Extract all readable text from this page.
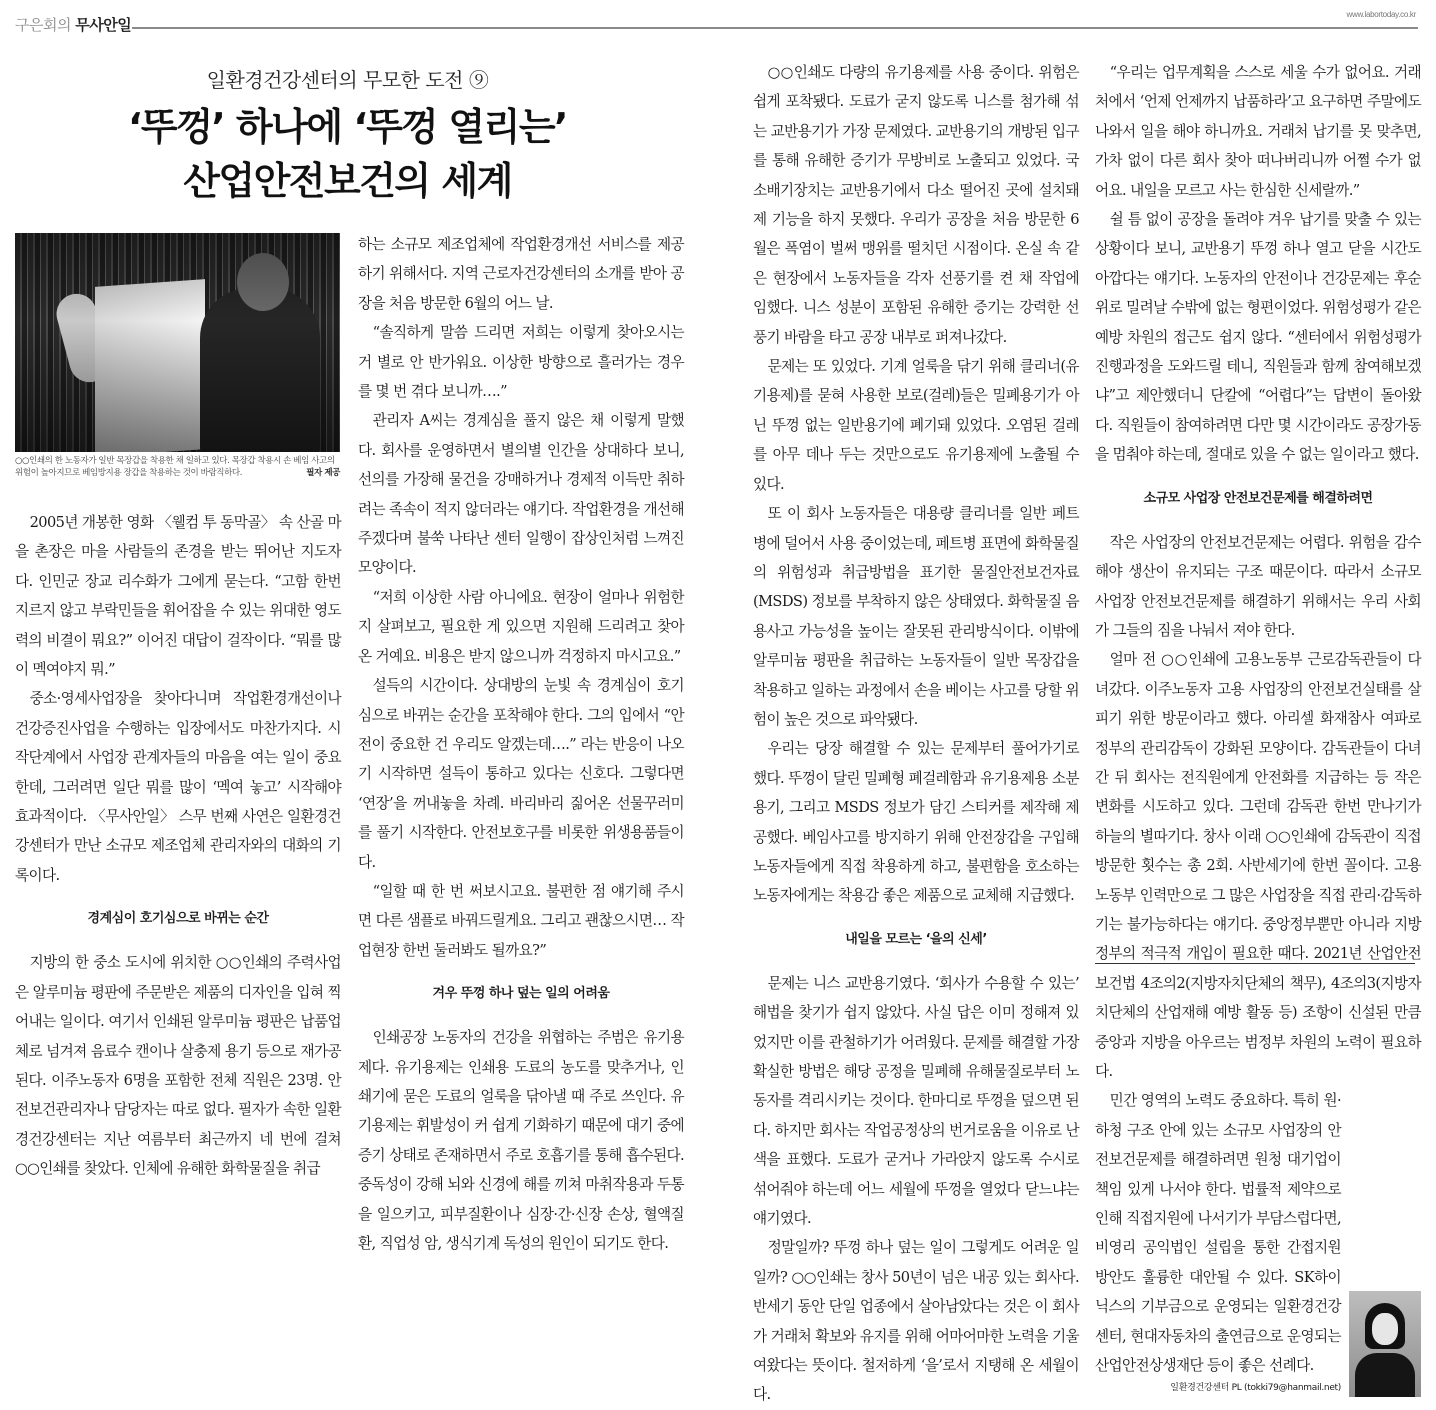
구은회의 무사안일
www.labortoday.co.kr
일환경건강센터의 무모한 도전 ⑨
‘뚜껑’ 하나에 ‘뚜껑 열리는’
산업안전보건의 세계
○○인쇄의 한 노동자가 일반 목장갑을 착용한 채 일하고 있다. 목장갑 착용시 손 베임 사고의 위험이 높아지므로 베임방지용 장갑을 착용하는 것이 바람직하다.	필자 제공

2005년 개봉한 영화 〈웰컴 투 동막골〉 속 산골 마을 촌장은 마을 사람들의 존경을 받는 뛰어난 지도자다. 인민군 장교 리수화가 그에게 묻는다. “고함 한번 지르지 않고 부락민들을 휘어잡을 수 있는 위대한 영도력의 비결이 뭐요?” 이어진 대답이 걸작이다. “뭐를 많이 멕여야지 뭐.”

중소·영세사업장을 찾아다니며 작업환경개선이나 건강증진사업을 수행하는 입장에서도 마찬가지다. 시작단계에서 사업장 관계자들의 마음을 여는 일이 중요한데, 그러려면 일단 뭐를 많이 ‘멕여 놓고’ 시작해야 효과적이다. 〈무사안일〉 스무 번째 사연은 일환경건강센터가 만난 소규모 제조업체 관리자와의 대화의 기록이다.

경계심이 호기심으로 바뀌는 순간

지방의 한 중소 도시에 위치한 ○○인쇄의 주력사업은 알루미늄 평판에 주문받은 제품의 디자인을 입혀 찍어내는 일이다. 여기서 인쇄된 알루미늄 평판은 납품업체로 넘겨져 음료수 캔이나 살충제 용기 등으로 재가공된다. 이주노동자 6명을 포함한 전체 직원은 23명. 안전보건관리자나 담당자는 따로 없다. 필자가 속한 일환경건강센터는 지난 여름부터 최근까지 네 번에 걸쳐 ○○인쇄를 찾았다. 인체에 유해한 화학물질을 취급

하는 소규모 제조업체에 작업환경개선 서비스를 제공하기 위해서다. 지역 근로자건강센터의 소개를 받아 공장을 처음 방문한 6월의 어느 날.

“솔직하게 말씀 드리면 저희는 이렇게 찾아오시는 거 별로 안 반가워요. 이상한 방향으로 흘러가는 경우를 몇 번 겪다 보니까….”

관리자 A씨는 경계심을 풀지 않은 채 이렇게 말했다. 회사를 운영하면서 별의별 인간을 상대하다 보니, 선의를 가장해 물건을 강매하거나 경제적 이득만 취하려는 족속이 적지 않더라는 얘기다. 작업환경을 개선해 주겠다며 불쑥 나타난 센터 일행이 잡상인처럼 느껴진 모양이다.

“저희 이상한 사람 아니에요. 현장이 얼마나 위험한지 살펴보고, 필요한 게 있으면 지원해 드리려고 찾아온 거예요. 비용은 받지 않으니까 걱정하지 마시고요.”

설득의 시간이다. 상대방의 눈빛 속 경계심이 호기심으로 바뀌는 순간을 포착해야 한다. 그의 입에서 “안전이 중요한 건 우리도 알겠는데….” 라는 반응이 나오기 시작하면 설득이 통하고 있다는 신호다. 그렇다면 ‘연장’을 꺼내놓을 차례. 바리바리 짊어온 선물꾸러미를 풀기 시작한다. 안전보호구를 비롯한 위생용품들이다.

“일할 때 한 번 써보시고요. 불편한 점 얘기해 주시면 다른 샘플로 바꿔드릴게요. 그리고 괜찮으시면… 작업현장 한번 둘러봐도 될까요?”

겨우 뚜껑 하나 덮는 일의 어려움

인쇄공장 노동자의 건강을 위협하는 주범은 유기용제다. 유기용제는 인쇄용 도료의 농도를 맞추거나, 인쇄기에 묻은 도료의 얼룩을 닦아낼 때 주로 쓰인다. 유기용제는 휘발성이 커 쉽게 기화하기 때문에 대기 중에 증기 상태로 존재하면서 주로 호흡기를 통해 흡수된다. 중독성이 강해 뇌와 신경에 해를 끼쳐 마취작용과 두통을 일으키고, 피부질환이나 심장·간·신장 손상, 혈액질환, 직업성 암, 생식기계 독성의 원인이 되기도 한다.

○○인쇄도 다량의 유기용제를 사용 중이다. 위험은 쉽게 포착됐다. 도료가 굳지 않도록 니스를 첨가해 섞는 교반용기가 가장 문제였다. 교반용기의 개방된 입구를 통해 유해한 증기가 무방비로 노출되고 있었다. 국소배기장치는 교반용기에서 다소 떨어진 곳에 설치돼 제 기능을 하지 못했다. 우리가 공장을 처음 방문한 6월은 폭염이 벌써 맹위를 떨치던 시점이다. 온실 속 같은 현장에서 노동자들을 각자 선풍기를 켠 채 작업에 임했다. 니스 성분이 포함된 유해한 증기는 강력한 선풍기 바람을 타고 공장 내부로 퍼져나갔다.

문제는 또 있었다. 기계 얼룩을 닦기 위해 클리너(유기용제)를 묻혀 사용한 보로(걸레)들은 밀폐용기가 아닌 뚜껑 없는 일반용기에 폐기돼 있었다. 오염된 걸레를 아무 데나 두는 것만으로도 유기용제에 노출될 수 있다.

또 이 회사 노동자들은 대용량 클리너를 일반 페트병에 덜어서 사용 중이었는데, 페트병 표면에 화학물질의 위험성과 취급방법을 표기한 물질안전보건자료(MSDS) 정보를 부착하지 않은 상태였다. 화학물질 음용사고 가능성을 높이는 잘못된 관리방식이다. 이밖에 알루미늄 평판을 취급하는 노동자들이 일반 목장갑을 착용하고 일하는 과정에서 손을 베이는 사고를 당할 위험이 높은 것으로 파악됐다.

우리는 당장 해결할 수 있는 문제부터 풀어가기로 했다. 뚜껑이 달린 밀폐형 폐걸레함과 유기용제용 소분 용기, 그리고 MSDS 정보가 담긴 스티커를 제작해 제공했다. 베임사고를 방지하기 위해 안전장갑을 구입해 노동자들에게 직접 착용하게 하고, 불편함을 호소하는 노동자에게는 착용감 좋은 제품으로 교체해 지급했다.

내일을 모르는 ‘을의 신세’

문제는 니스 교반용기였다. ‘회사가 수용할 수 있는’ 해법을 찾기가 쉽지 않았다. 사실 답은 이미 정해져 있었지만 이를 관철하기가 어려웠다. 문제를 해결할 가장 확실한 방법은 해당 공정을 밀폐해 유해물질로부터 노동자를 격리시키는 것이다. 한마디로 뚜껑을 덮으면 된다. 하지만 회사는 작업공정상의 번거로움을 이유로 난색을 표했다. 도료가 굳거나 가라앉지 않도록 수시로 섞어줘야 하는데 어느 세월에 뚜껑을 열었다 닫느냐는 얘기였다.

정말일까? 뚜껑 하나 덮는 일이 그렇게도 어려운 일일까? ○○인쇄는 창사 50년이 넘은 내공 있는 회사다. 반세기 동안 단일 업종에서 살아남았다는 것은 이 회사가 거래처 확보와 유지를 위해 어마어마한 노력을 기울여왔다는 뜻이다. 철저하게 ‘을’로서 지탱해 온 세월이다.

“우리는 업무계획을 스스로 세울 수가 없어요. 거래처에서 ‘언제 언제까지 납품하라’고 요구하면 주말에도 나와서 일을 해야 하니까요. 거래처 납기를 못 맞추면, 가차 없이 다른 회사 찾아 떠나버리니까 어쩔 수가 없어요. 내일을 모르고 사는 한심한 신세랄까.”

쉴 틈 없이 공장을 돌려야 겨우 납기를 맞출 수 있는 상황이다 보니, 교반용기 뚜껑 하나 열고 닫을 시간도 아깝다는 얘기다. 노동자의 안전이나 건강문제는 후순위로 밀려날 수밖에 없는 형편이었다. 위험성평가 같은 예방 차원의 접근도 쉽지 않다. “센터에서 위험성평가 진행과정을 도와드릴 테니, 직원들과 함께 참여해보겠냐”고 제안했더니 단칼에 “어렵다”는 답변이 돌아왔다. 직원들이 참여하려면 다만 몇 시간이라도 공장가동을 멈춰야 하는데, 절대로 있을 수 없는 일이라고 했다.

소규모 사업장 안전보건문제를 해결하려면

작은 사업장의 안전보건문제는 어렵다. 위험을 감수해야 생산이 유지되는 구조 때문이다. 따라서 소규모 사업장 안전보건문제를 해결하기 위해서는 우리 사회가 그들의 짐을 나눠서 져야 한다.

얼마 전 ○○인쇄에 고용노동부 근로감독관들이 다녀갔다. 이주노동자 고용 사업장의 안전보건실태를 살피기 위한 방문이라고 했다. 아리셀 화재참사 여파로 정부의 관리감독이 강화된 모양이다. 감독관들이 다녀간 뒤 회사는 전직원에게 안전화를 지급하는 등 작은 변화를 시도하고 있다. 그런데 감독관 한번 만나기가 하늘의 별따기다. 창사 이래 ○○인쇄에 감독관이 직접 방문한 횟수는 총 2회. 사반세기에 한번 꼴이다. 고용노동부 인력만으로 그 많은 사업장을 직접 관리·감독하기는 불가능하다는 얘기다. 중앙정부뿐만 아니라 지방정부의 적극적 개입이 필요한 때다. 2021년 산업안전보건법 4조의2(지방자치단체의 책무), 4조의3(지방자치단체의 산업재해 예방 활동 등) 조항이 신설된 만큼 중앙과 지방을 아우르는 범정부 차원의 노력이 필요하다.

민간 영역의 노력도 중요하다. 특히 원·하청 구조 안에 있는 소규모 사업장의 안전보건문제를 해결하려면 원청 대기업이 책임 있게 나서야 한다. 법률적 제약으로 인해 직접지원에 나서기가 부담스럽다면, 비영리 공익법인 설립을 통한 간접지원 방안도 훌륭한 대안될 수 있다. SK하이닉스의 기부금으로 운영되는 일환경건강센터, 현대자동차의 출연금으로 운영되는 산업안전상생재단 등이 좋은 선례다.

일환경건강센터 PL (tokki79@hanmail.net)
